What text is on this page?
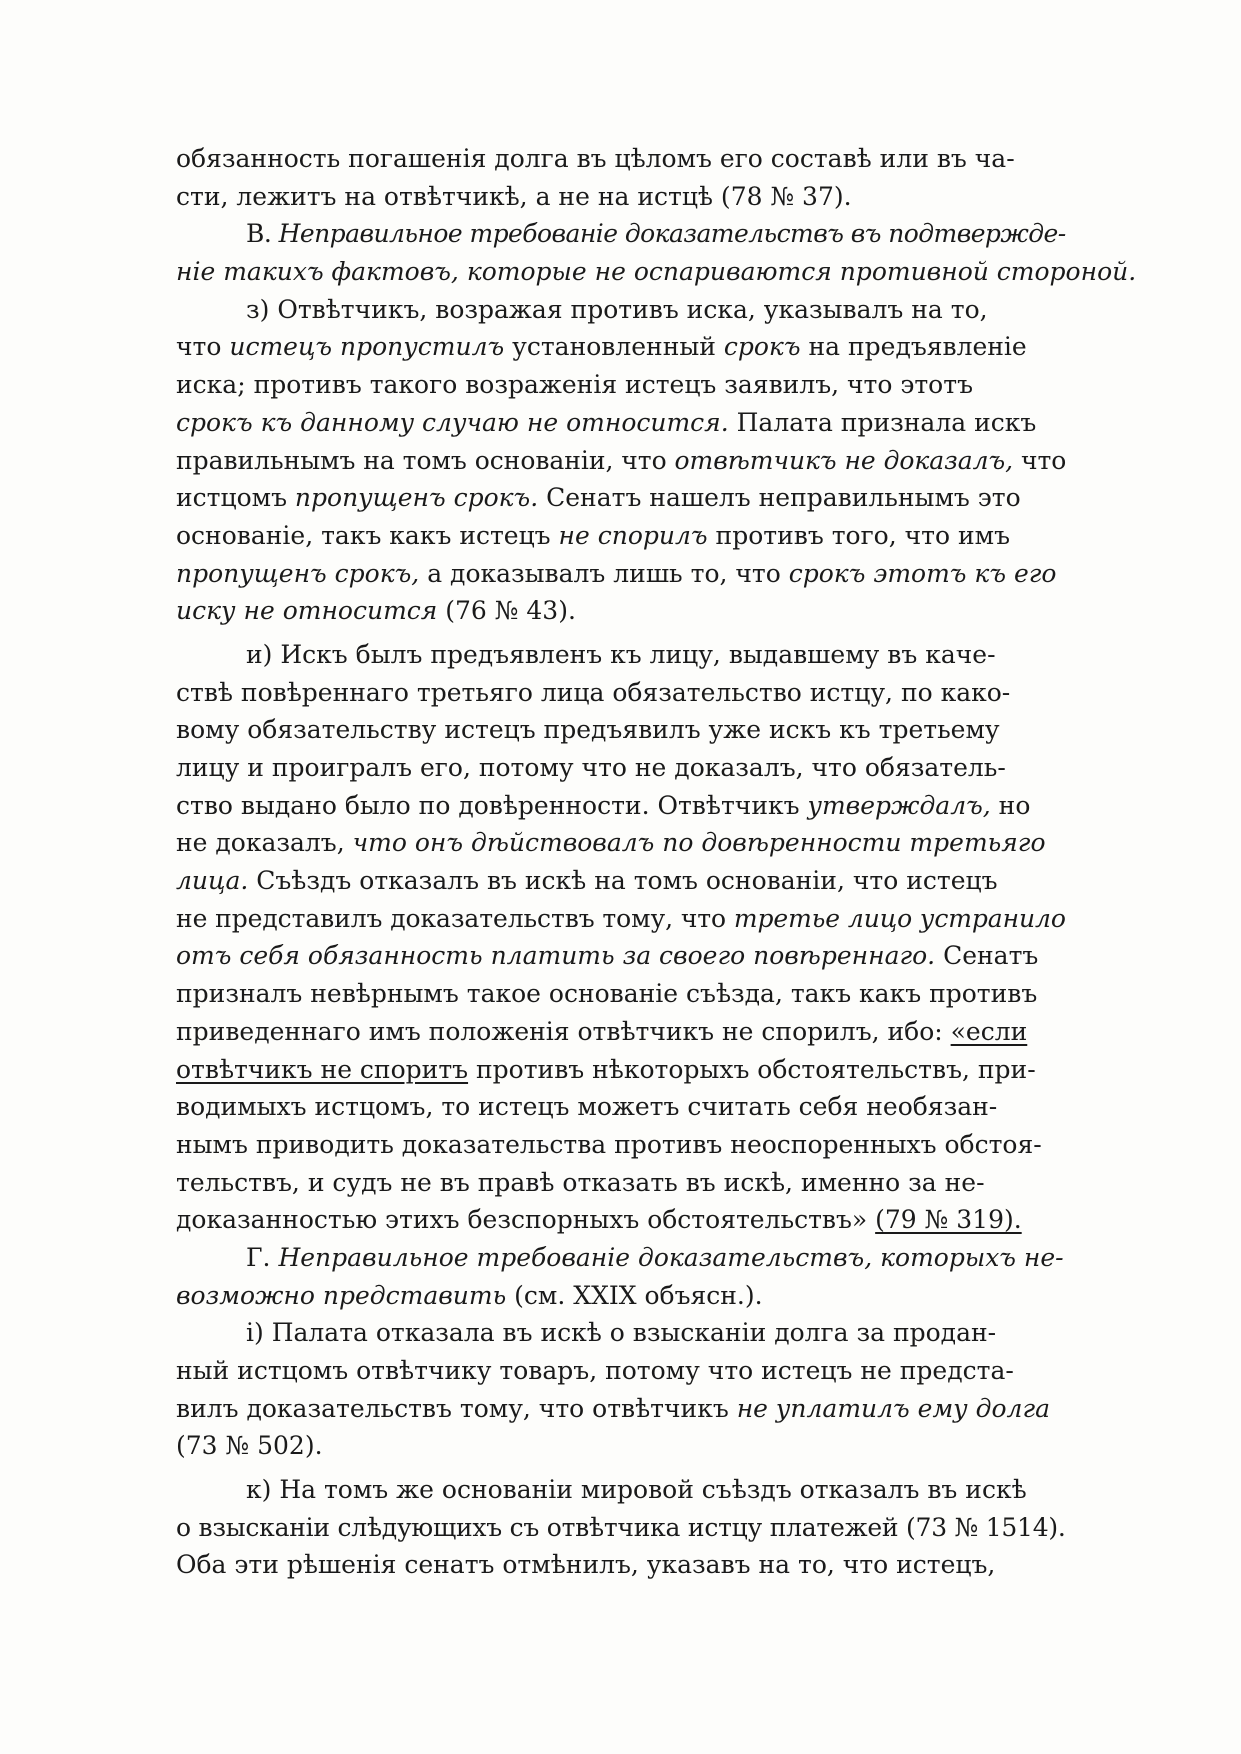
обязанность погашенія долга въ цѣломъ его составѣ или въ ча-
сти, лежитъ на отвѣтчикѣ, а не на истцѣ (78 № 37).
В. Неправильное требованіе доказательствъ въ подтвержде-
ніе такихъ фактовъ, которые не оспариваются противной стороной.
з) Отвѣтчикъ, возражая противъ иска, указывалъ на то,
что истецъ пропустилъ установленный срокъ на предъявленіе
иска; противъ такого возраженія истецъ заявилъ, что этотъ
срокъ къ данному случаю не относится. Палата признала искъ
правильнымъ на томъ основаніи, что отвѣтчикъ не доказалъ, что
истцомъ пропущенъ срокъ. Сенатъ нашелъ неправильнымъ это
основаніе, такъ какъ истецъ не спорилъ противъ того, что имъ
пропущенъ срокъ, а доказывалъ лишь то, что срокъ этотъ къ его
иску не относится (76 № 43).
и) Искъ былъ предъявленъ къ лицу, выдавшему въ каче-
ствѣ повѣреннаго третьяго лица обязательство истцу, по како-
вому обязательству истецъ предъявилъ уже искъ къ третьему
лицу и проигралъ его, потому что не доказалъ, что обязатель-
ство выдано было по довѣренности. Отвѣтчикъ утверждалъ, но
не доказалъ, что онъ дѣйствовалъ по довѣренности третьяго
лица. Съѣздъ отказалъ въ искѣ на томъ основаніи, что истецъ
не представилъ доказательствъ тому, что третье лицо устранило
отъ себя обязанность платить за своего повѣреннаго. Сенатъ
призналъ невѣрнымъ такое основаніе съѣзда, такъ какъ противъ
приведеннаго имъ положенія отвѣтчикъ не спорилъ, ибо: «если
отвѣтчикъ не споритъ противъ нѣкоторыхъ обстоятельствъ, при-
водимыхъ истцомъ, то истецъ можетъ считать себя необязан-
нымъ приводить доказательства противъ неоспоренныхъ обстоя-
тельствъ, и судъ не въ правѣ отказать въ искѣ, именно за не-
доказанностью этихъ безспорныхъ обстоятельствъ» (79 № 319).
Г. Неправильное требованіе доказательствъ, которыхъ не-
возможно представить (см. XXIX объясн.).
і) Палата отказала въ искѣ о взысканіи долга за продан-
ный истцомъ отвѣтчику товаръ, потому что истецъ не предста-
вилъ доказательствъ тому, что отвѣтчикъ не уплатилъ ему долга
(73 № 502).
к) На томъ же основаніи мировой съѣздъ отказалъ въ искѣ
о взысканіи слѣдующихъ съ отвѣтчика истцу платежей (73 № 1514).
Оба эти рѣшенія сенатъ отмѣнилъ, указавъ на то, что истецъ,
